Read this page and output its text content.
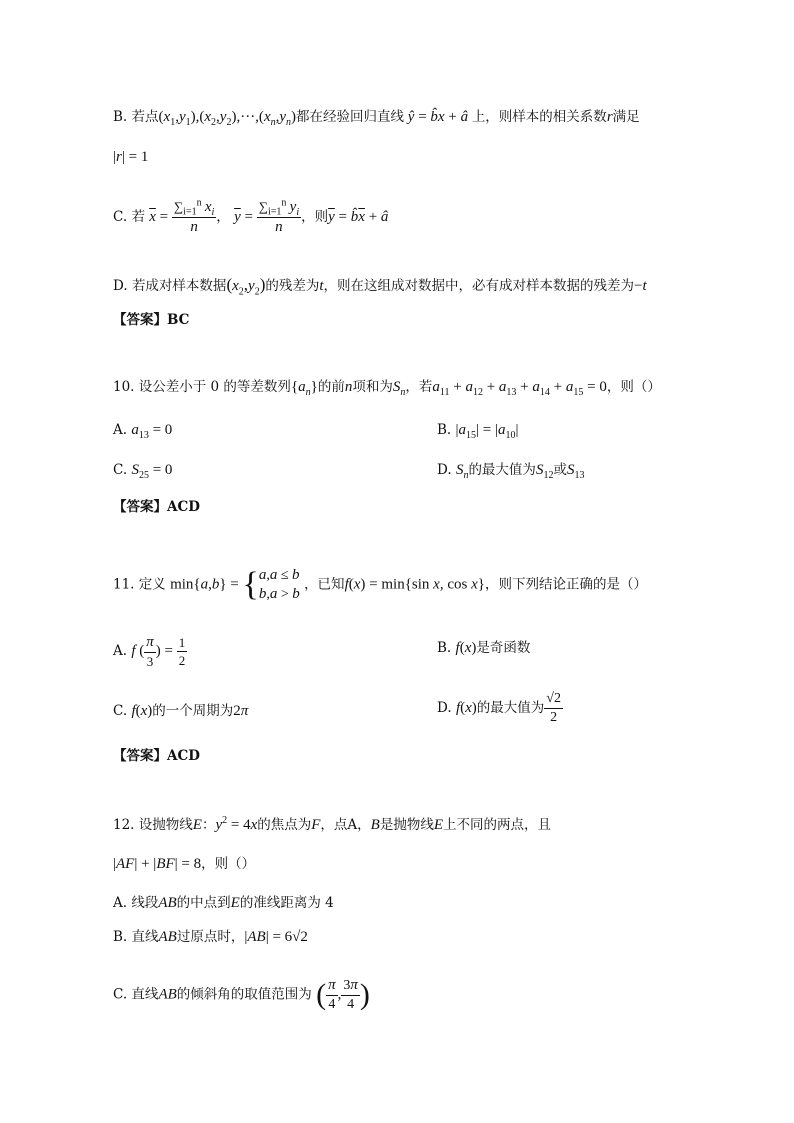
B. 若点$(x_1,y_1),(x_2,y_2),\cdot\cdot\cdot,(x_n,y_n)$都在经验回归直线 ŷ = b̂x + â 上，则样本的相关系数r满足
|r| = 1
C. 若 $\overline{x} = \frac{\sum_{i=1}^n x_i}{n}$ ， $\overline{y} = \frac{\sum_{i=1}^n y_i}{n}$ ，则$\overline{y}$ = $b̂\overline{x}$ + â
D. 若成对样本数据$(x_2,y_2)$的残差为t，则在这组成对数据中，必有成对样本数据的残差为−t
【答案】BC
10. 设公差小于 0 的等差数列$\{a_n\}$的前n项和为$S_n$，若$a_{11} + a_{12} + a_{13} + a_{14} + a_{15} = 0$，则（）
A. $a_{13} = 0$	B. $|a_{15}| = |a_{10}|$
C. $S_{25} = 0$	D. $S_n$的最大值为$S_{12}$或$S_{13}$
【答案】ACD
11. 定义 min{a,b} = { a,a ≤ b
b,a > b
，已知f(x) = min{sin x, cos x}，则下列结论正确的是（）
A. f ( $\frac{\pi}{3}$ ) = $\frac{1}{2}$	B. f(x)是奇函数
C. f(x)的一个周期为2π	D. f(x)的最大值为 $\frac{√2}{2}$
【答案】ACD
12. 设抛物线E：$y^2 = 4x$的焦点为F，点A，B是抛物线E上不同的两点，且
|AF| + |BF| = 8，则（）
A. 线段AB的中点到E的准线距离为 4
B. 直线AB过原点时，|AB| = 6√2
C. 直线AB的倾斜角的取值范围为 ( $\frac{\pi}{4}$ , $\frac{3\pi}{4}$ )
